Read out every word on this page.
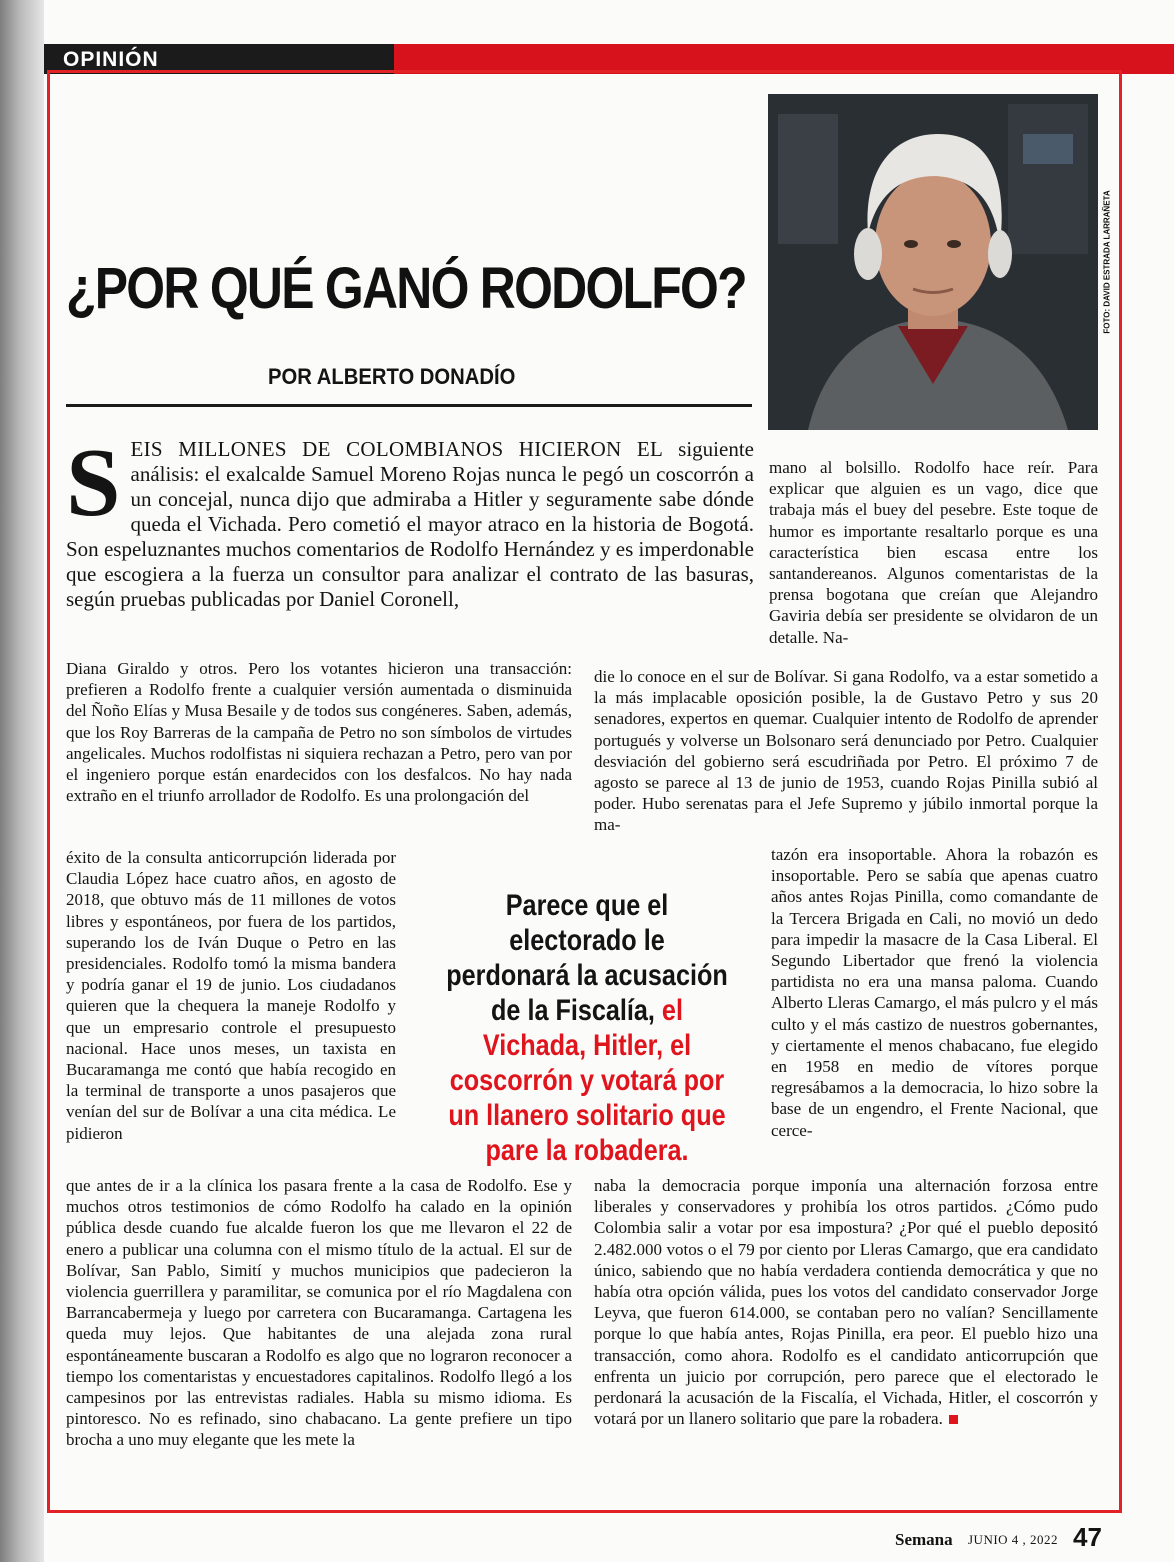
OPINIÓN
¿POR QUÉ GANÓ RODOLFO?
POR ALBERTO DONADÍO
FOTO: DAVID ESTRADA LARRAÑETA
SEIS MILLONES DE COLOMBIANOS HICIERON EL siguiente análisis: el exalcalde Samuel Moreno Rojas nunca le pegó un coscorrón a un concejal, nunca dijo que admiraba a Hitler y seguramente sabe dónde queda el Vichada. Pero cometió el mayor atraco en la historia de Bogotá. Son espeluznantes muchos comentarios de Rodolfo Hernández y es imperdonable que escogiera a la fuerza un consultor para analizar el contrato de las basuras, según pruebas publicadas por Daniel Coronell,
Diana Giraldo y otros. Pero los votantes hicieron una transacción: prefieren a Rodolfo frente a cualquier versión aumentada o disminuida del Ñoño Elías y Musa Besaile y de todos sus congéneres. Saben, además, que los Roy Barreras de la campaña de Petro no son símbolos de virtudes angelicales. Muchos rodolfistas ni siquiera rechazan a Petro, pero van por el ingeniero porque están enardecidos con los desfalcos. No hay nada extraño en el triunfo arrollador de Rodolfo. Es una prolongación del
éxito de la consulta anticorrupción liderada por Claudia López hace cuatro años, en agosto de 2018, que obtuvo más de 11 millones de votos libres y espontáneos, por fuera de los partidos, superando los de Iván Duque o Petro en las presidenciales. Rodolfo tomó la misma bandera y podría ganar el 19 de junio. Los ciudadanos quieren que la chequera la maneje Rodolfo y que un empresario controle el presupuesto nacional. Hace unos meses, un taxista en Bucaramanga me contó que había recogido en la terminal de transporte a unos pasajeros que venían del sur de Bolívar a una cita médica. Le pidieron
que antes de ir a la clínica los pasara frente a la casa de Rodolfo. Ese y muchos otros testimonios de cómo Rodolfo ha calado en la opinión pública desde cuando fue alcalde fueron los que me llevaron el 22 de enero a publicar una columna con el mismo título de la actual. El sur de Bolívar, San Pablo, Simití y muchos municipios que padecieron la violencia guerrillera y paramilitar, se comunica por el río Magdalena con Barrancabermeja y luego por carretera con Bucaramanga. Cartagena les queda muy lejos. Que habitantes de una alejada zona rural espontáneamente buscaran a Rodolfo es algo que no lograron reconocer a tiempo los comentaristas y encuestadores capitalinos. Rodolfo llegó a los campesinos por las entrevistas radiales. Habla su mismo idioma. Es pintoresco. No es refinado, sino chabacano. La gente prefiere un tipo brocha a uno muy elegante que les mete la
mano al bolsillo. Rodolfo hace reír. Para explicar que alguien es un vago, dice que trabaja más el buey del pesebre. Este toque de humor es importante resaltarlo porque es una característica bien escasa entre los santandereanos. Algunos comentaristas de la prensa bogotana que creían que Alejandro Gaviria debía ser presidente se olvidaron de un detalle. Na-
die lo conoce en el sur de Bolívar. Si gana Rodolfo, va a estar sometido a la más implacable oposición posible, la de Gustavo Petro y sus 20 senadores, expertos en quemar. Cualquier intento de Rodolfo de aprender portugués y volverse un Bolsonaro será denunciado por Petro. Cualquier desviación del gobierno será escudriñada por Petro. El próximo 7 de agosto se parece al 13 de junio de 1953, cuando Rojas Pinilla subió al poder. Hubo serenatas para el Jefe Supremo y júbilo inmortal porque la ma-
tazón era insoportable. Ahora la robazón es insoportable. Pero se sabía que apenas cuatro años antes Rojas Pinilla, como comandante de la Tercera Brigada en Cali, no movió un dedo para impedir la masacre de la Casa Liberal. El Segundo Libertador que frenó la violencia partidista no era una mansa paloma. Cuando Alberto Lleras Camargo, el más pulcro y el más culto y el más castizo de nuestros gobernantes, y ciertamente el menos chabacano, fue elegido en 1958 en medio de vítores porque regresábamos a la democracia, lo hizo sobre la base de un engendro, el Frente Nacional, que cerce-
naba la democracia porque imponía una alternación forzosa entre liberales y conservadores y prohibía los otros partidos. ¿Cómo pudo Colombia salir a votar por esa impostura? ¿Por qué el pueblo depositó 2.482.000 votos o el 79 por ciento por Lleras Camargo, que era candidato único, sabiendo que no había verdadera contienda democrática y que no había otra opción válida, pues los votos del candidato conservador Jorge Leyva, que fueron 614.000, se contaban pero no valían? Sencillamente porque lo que había antes, Rojas Pinilla, era peor. El pueblo hizo una transacción, como ahora. Rodolfo es el candidato anticorrupción que enfrenta un juicio por corrupción, pero parece que el electorado le perdonará la acusación de la Fiscalía, el Vichada, Hitler, el coscorrón y votará por un llanero solitario que pare la robadera.
Parece que el electorado le perdonará la acusación de la Fiscalía, el Vichada, Hitler, el coscorrón y votará por un llanero solitario que pare la robadera.
Semana JUNIO 4 , 2022 47
